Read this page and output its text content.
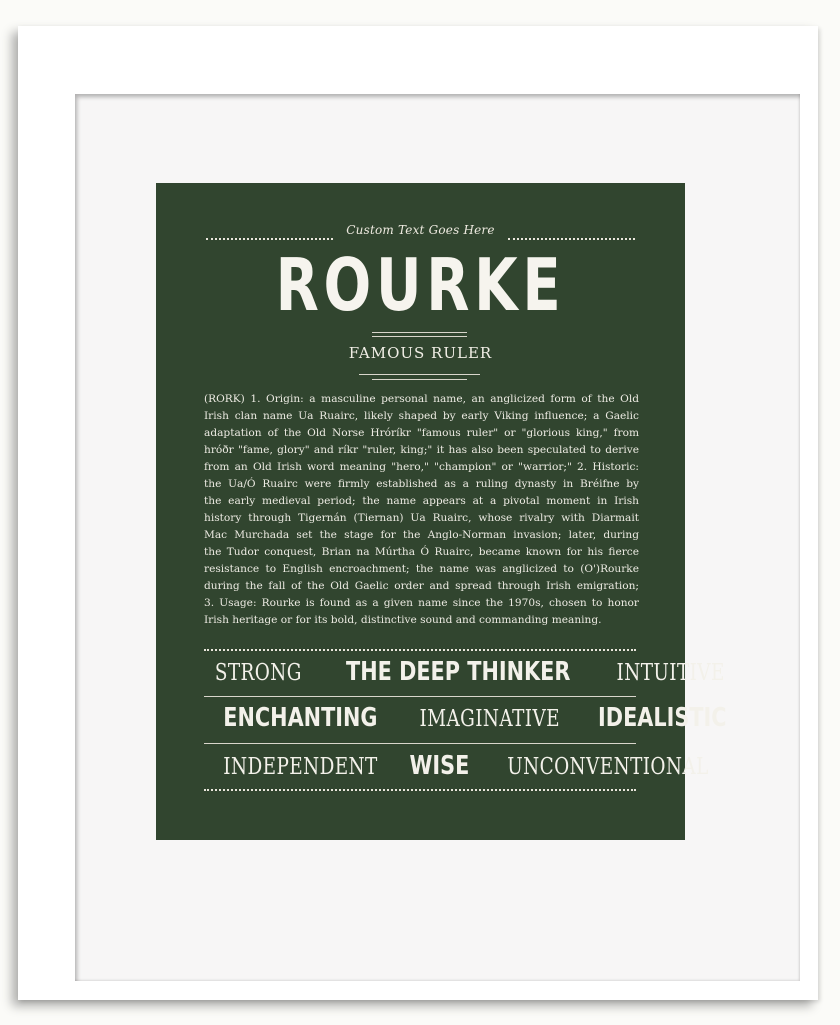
Custom Text Goes Here
ROURKE
FAMOUS RULER
(RORK) 1. Origin: a masculine personal name, an anglicized form of the Old
Irish clan name Ua Ruairc, likely shaped by early Viking influence; a Gaelic
adaptation of the Old Norse Hróríkr "famous ruler" or "glorious king," from
hróðr "fame, glory" and ríkr "ruler, king;" it has also been speculated to derive
from an Old Irish word meaning "hero," "champion" or "warrior;" 2. Historic:
the Ua/Ó Ruairc were firmly established as a ruling dynasty in Bréifne by
the early medieval period; the name appears at a pivotal moment in Irish
history through Tigernán (Tiernan) Ua Ruairc, whose rivalry with Diarmait
Mac Murchada set the stage for the Anglo-Norman invasion; later, during
the Tudor conquest, Brian na Múrtha Ó Ruairc, became known for his fierce
resistance to English encroachment; the name was anglicized to (O')Rourke
during the fall of the Old Gaelic order and spread through Irish emigration;
3. Usage: Rourke is found as a given name since the 1970s, chosen to honor
Irish heritage or for its bold, distinctive sound and commanding meaning.
STRONG THE DEEP THINKER INTUITIVE
ENCHANTING IMAGINATIVE IDEALISTIC
INDEPENDENT WISE UNCONVENTIONAL
